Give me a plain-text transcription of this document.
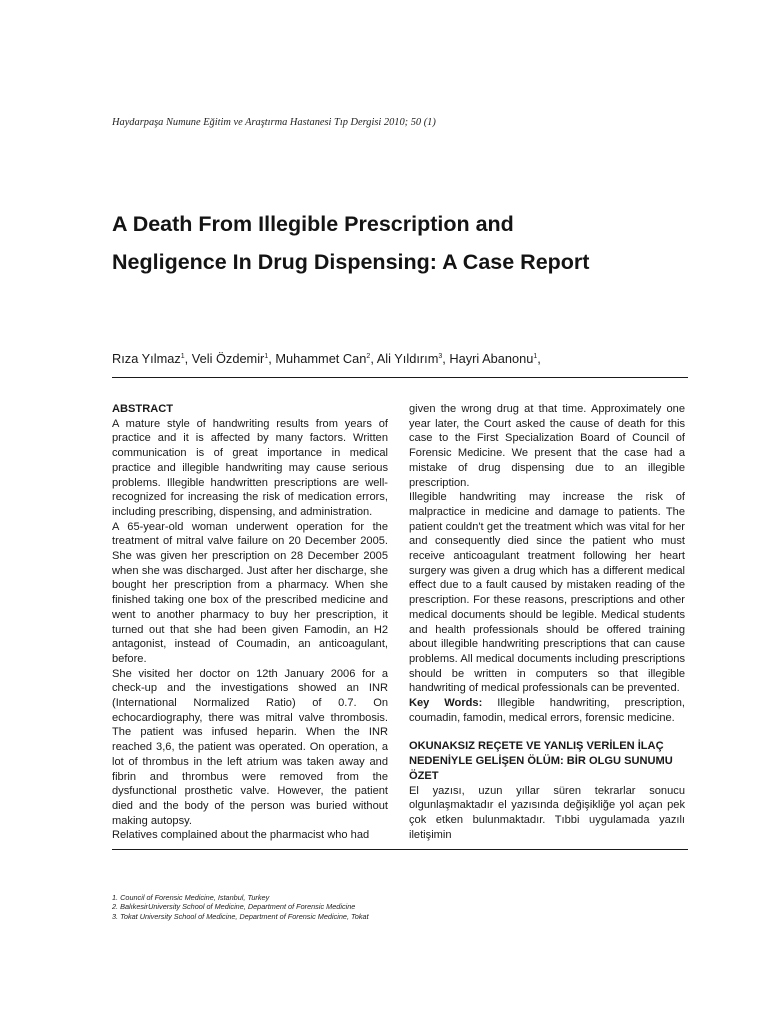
Haydarpaşa Numune Eğitim ve Araştırma Hastanesi Tıp Dergisi 2010; 50 (1)
A Death From Illegible Prescription and
Negligence In Drug Dispensing: A Case Report
Rıza Yılmaz$^1$, Veli Özdemir$^1$, Muhammet Can$^2$, Ali Yıldırım$^3$, Hayri Abanonu$^1$,

ABSTRACT

A mature style of handwriting results from years of practice and it is affected by many factors. Written communication is of great importance in medical practice and illegible handwriting may cause serious problems. Illegible handwritten prescriptions are well-recognized for increasing the risk of medication errors, including prescribing, dispensing, and administration.

A 65-year-old woman underwent operation for the treatment of mitral valve failure on 20 December 2005. She was given her prescription on 28 December 2005 when she was discharged. Just after her discharge, she bought her prescription from a pharmacy. When she finished taking one box of the prescribed medicine and went to another pharmacy to buy her prescription, it turned out that she had been given Famodin, an H2 antagonist, instead of Coumadin, an anticoagulant, before.

She visited her doctor on 12th January 2006 for a check-up and the investigations showed an INR (International Normalized Ratio) of 0.7. On echocardiography, there was mitral valve thrombosis. The patient was infused heparin. When the INR reached 3,6, the patient was operated. On operation, a lot of thrombus in the left atrium was taken away and fibrin and thrombus were removed from the dysfunctional prosthetic valve. However, the patient died and the body of the person was buried without making autopsy.

Relatives complained about the pharmacist who had

given the wrong drug at that time. Approximately one year later, the Court asked the cause of death for this case to the First Specialization Board of Council of Forensic Medicine. We present that the case had a mistake of drug dispensing due to an illegible prescription.

Illegible handwriting may increase the risk of malpractice in medicine and damage to patients. The patient couldn't get the treatment which was vital for her and consequently died since the patient who must receive anticoagulant treatment following her heart surgery was given a drug which has a different medical effect due to a fault caused by mistaken reading of the prescription. For these reasons, prescriptions and other medical documents should be legible. Medical students and health professionals should be offered training about illegible handwriting prescriptions that can cause problems. All medical documents including prescriptions should be written in computers so that illegible handwriting of medical professionals can be prevented.

Key Words: Illegible handwriting, prescription, coumadin, famodin, medical errors, forensic medicine.

OKUNAKSIZ REÇETE VE YANLIŞ VERİLEN İLAÇ

NEDENİYLE GELİŞEN ÖLÜM: BİR OLGU SUNUMU

ÖZET

El yazısı, uzun yıllar süren tekrarlar sonucu olgunlaşmaktadır el yazısında değişikliğe yol açan pek çok etken bulunmaktadır. Tıbbi uygulamada yazılı iletişimin

1. Council of Forensic Medicine, Istanbul, Turkey
2. BalıkesirUniversity School of Medicine, Department of Forensic Medicine
3. Tokat University School of Medicine, Department of Forensic Medicine, Tokat
